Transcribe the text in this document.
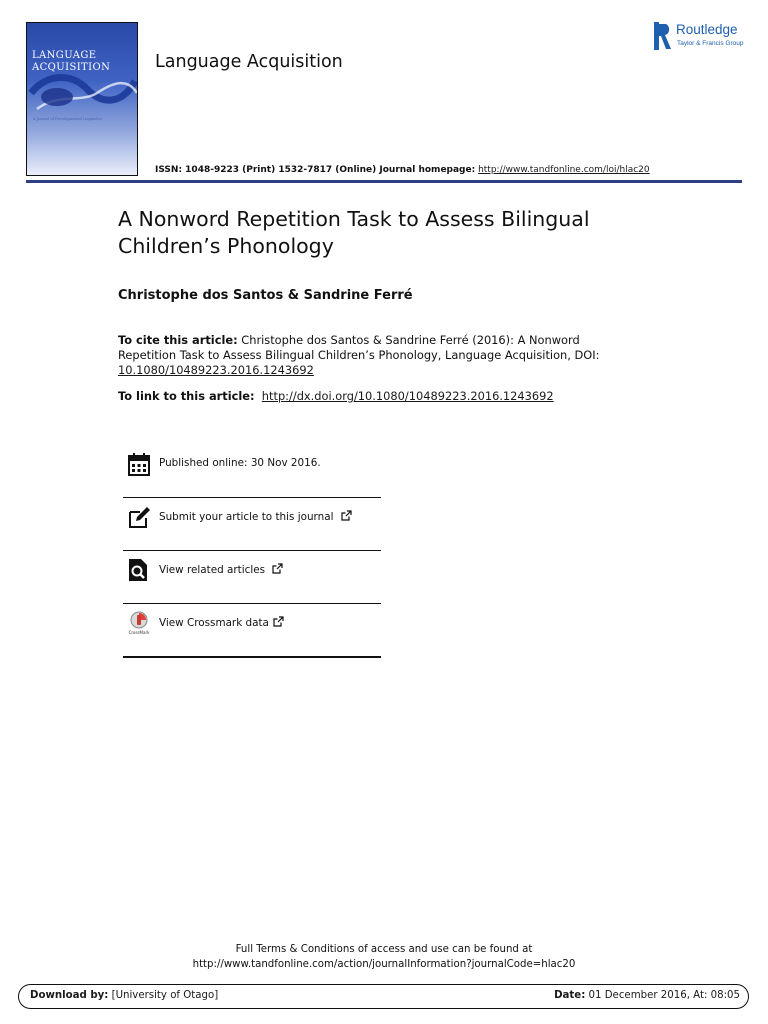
LANGUAGE
ACQUISITION
A Journal of Developmental Linguistics
Language Acquisition
Routledge
Taylor & Francis Group
ISSN: 1048-9223 (Print) 1532-7817 (Online) Journal homepage: http://www.tandfonline.com/loi/hlac20
A Nonword Repetition Task to Assess Bilingual Children’s Phonology
Christophe dos Santos & Sandrine Ferré
To cite this article: Christophe dos Santos & Sandrine Ferré (2016): A Nonword Repetition Task to Assess Bilingual Children’s Phonology, Language Acquisition, DOI: 10.1080/10489223.2016.1243692
To link to this article: http://dx.doi.org/10.1080/10489223.2016.1243692
Published online: 30 Nov 2016.
Submit your article to this journal
View related articles
CrossMark
View Crossmark data
Full Terms & Conditions of access and use can be found at
http://www.tandfonline.com/action/journalInformation?journalCode=hlac20
Download by: [University of Otago]	Date: 01 December 2016, At: 08:05
